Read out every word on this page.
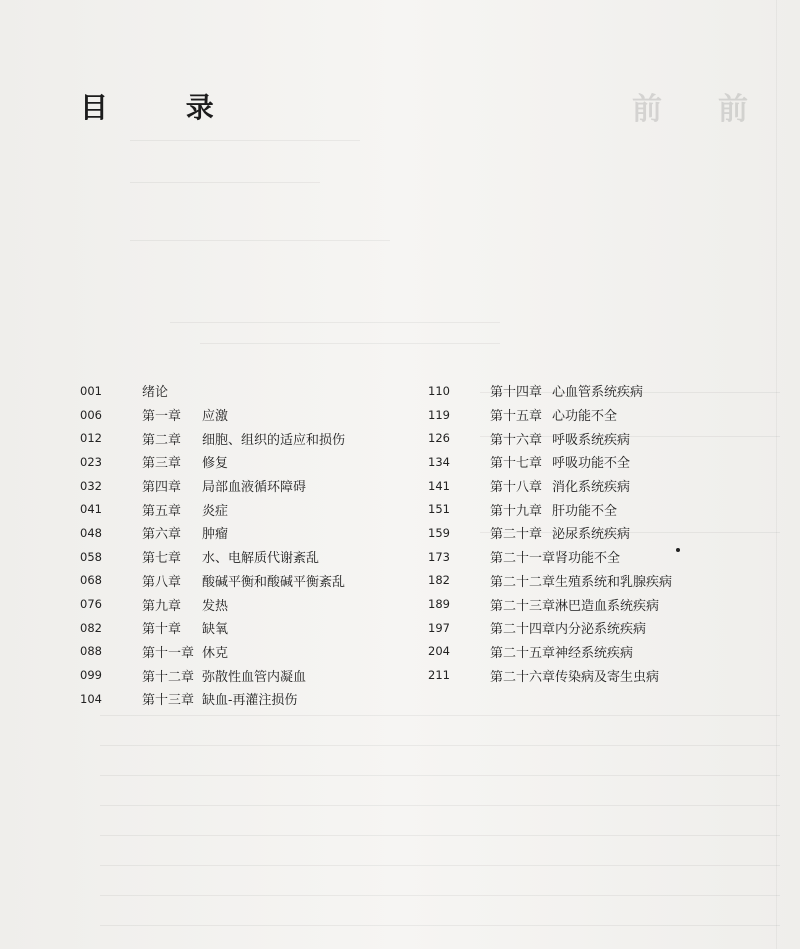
前 前
目 录
001	绪论
006	第一章	应激
012	第二章	细胞、组织的适应和损伤
023	第三章	修复
032	第四章	局部血液循环障碍
041	第五章	炎症
048	第六章	肿瘤
058	第七章	水、电解质代谢紊乱
068	第八章	酸碱平衡和酸碱平衡紊乱
076	第九章	发热
082	第十章	缺氧
088	第十一章 休克
099	第十二章 弥散性血管内凝血
104	第十三章 缺血-再灌注损伤
110	第十四章 心血管系统疾病
119	第十五章 心功能不全
126	第十六章 呼吸系统疾病
134	第十七章 呼吸功能不全
141	第十八章 消化系统疾病
151	第十九章 肝功能不全
159	第二十章 泌尿系统疾病
173	第二十一章 肾功能不全
182	第二十二章 生殖系统和乳腺疾病
189	第二十三章 淋巴造血系统疾病
197	第二十四章 内分泌系统疾病
204	第二十五章 神经系统疾病
211	第二十六章 传染病及寄生虫病
